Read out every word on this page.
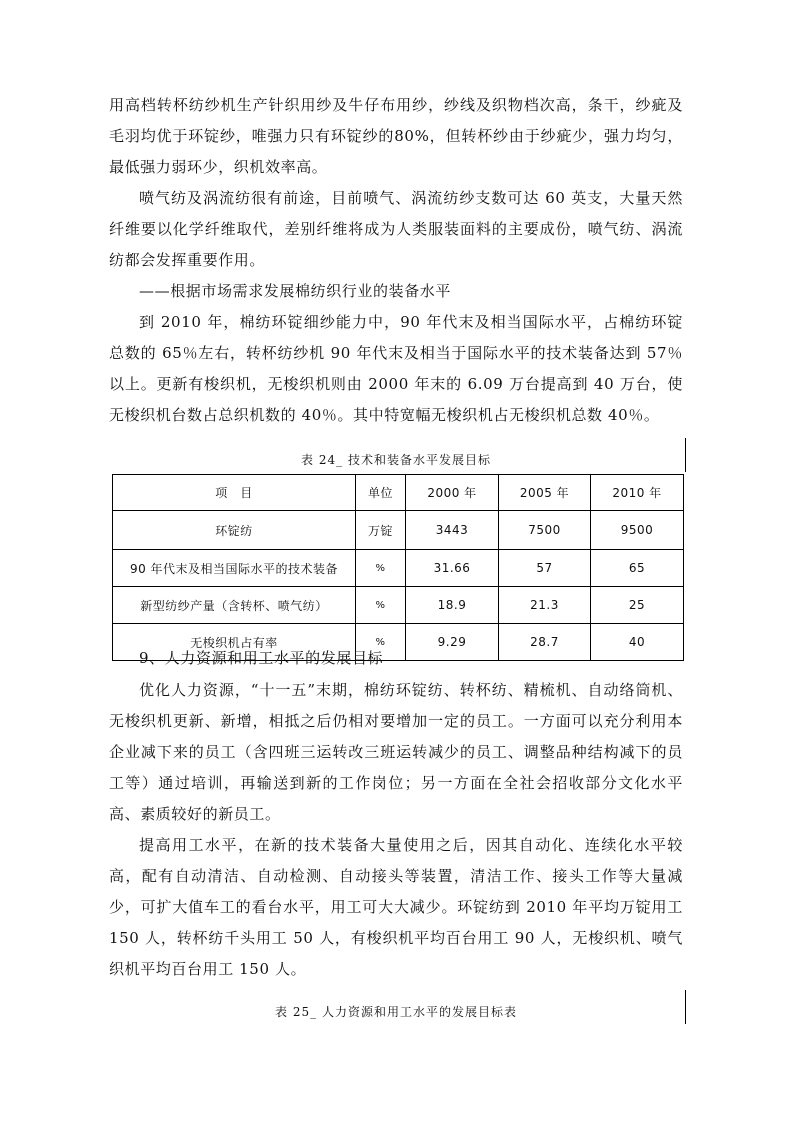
用高档转杯纺纱机生产针织用纱及牛仔布用纱，纱线及织物档次高，条干，纱疵及毛羽均优于环锭纱，唯强力只有环锭纱的80%，但转杯纱由于纱疵少，强力均匀，最低强力弱环少，织机效率高。

喷气纺及涡流纺很有前途，目前喷气、涡流纺纱支数可达 60 英支，大量天然纤维要以化学纤维取代，差别纤维将成为人类服装面料的主要成份，喷气纺、涡流纺都会发挥重要作用。

——根据市场需求发展棉纺织行业的装备水平

到 2010 年，棉纺环锭细纱能力中，90 年代末及相当国际水平，占棉纺环锭总数的 65％左右，转杯纺纱机 90 年代末及相当于国际水平的技术装备达到 57％以上。更新有梭织机，无梭织机则由 2000 年末的 6.09 万台提高到 40 万台，使无梭织机台数占总织机数的 40％。其中特宽幅无梭织机占无梭织机总数 40％。

表 24_ 技术和装备水平发展目标
项　目	单位	2000 年	2005 年	2010 年
环锭纺	万锭	3443	7500	9500
90 年代末及相当国际水平的技术装备	%	31.66	57	65
新型纺纱产量（含转杯、喷气纺）	%	18.9	21.3	25
无梭织机占有率	%	9.29	28.7	40

9、人力资源和用工水平的发展目标

优化人力资源，“十一五”末期，棉纺环锭纺、转杯纺、精梳机、自动络筒机、无梭织机更新、新增，相抵之后仍相对要增加一定的员工。一方面可以充分利用本企业减下来的员工（含四班三运转改三班运转减少的员工、调整品种结构减下的员工等）通过培训，再输送到新的工作岗位；另一方面在全社会招收部分文化水平高、素质较好的新员工。

提高用工水平，在新的技术装备大量使用之后，因其自动化、连续化水平较高，配有自动清洁、自动检测、自动接头等装置，清洁工作、接头工作等大量减少，可扩大值车工的看台水平，用工可大大减少。环锭纺到 2010 年平均万锭用工 150 人，转杯纺千头用工 50 人，有梭织机平均百台用工 90 人，无梭织机、喷气织机平均百台用工 150 人。

表 25_ 人力资源和用工水平的发展目标表
